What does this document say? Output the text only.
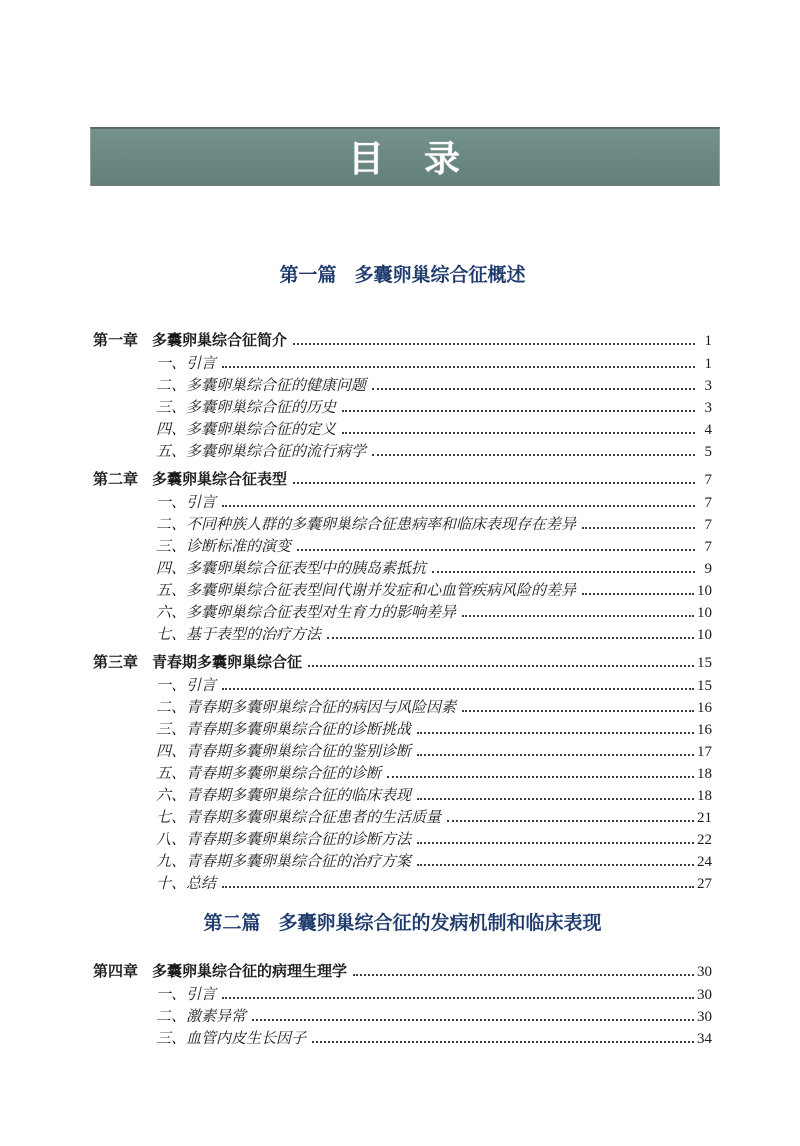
目　录
第一篇 多囊卵巢综合征概述
第一章 多囊卵巢综合征简介	1
一、引言	1
二、多囊卵巢综合征的健康问题	3
三、多囊卵巢综合征的历史	3
四、多囊卵巢综合征的定义	4
五、多囊卵巢综合征的流行病学	5
第二章 多囊卵巢综合征表型	7
一、引言	7
二、不同种族人群的多囊卵巢综合征患病率和临床表现存在差异	7
三、诊断标准的演变	7
四、多囊卵巢综合征表型中的胰岛素抵抗	9
五、多囊卵巢综合征表型间代谢并发症和心血管疾病风险的差异	10
六、多囊卵巢综合征表型对生育力的影响差异	10
七、基于表型的治疗方法	10
第三章 青春期多囊卵巢综合征	15
一、引言	15
二、青春期多囊卵巢综合征的病因与风险因素	16
三、青春期多囊卵巢综合征的诊断挑战	16
四、青春期多囊卵巢综合征的鉴别诊断	17
五、青春期多囊卵巢综合征的诊断	18
六、青春期多囊卵巢综合征的临床表现	18
七、青春期多囊卵巢综合征患者的生活质量	21
八、青春期多囊卵巢综合征的诊断方法	22
九、青春期多囊卵巢综合征的治疗方案	24
十、总结	27
第二篇 多囊卵巢综合征的发病机制和临床表现
第四章 多囊卵巢综合征的病理生理学	30
一、引言	30
二、激素异常	30
三、血管内皮生长因子	34
